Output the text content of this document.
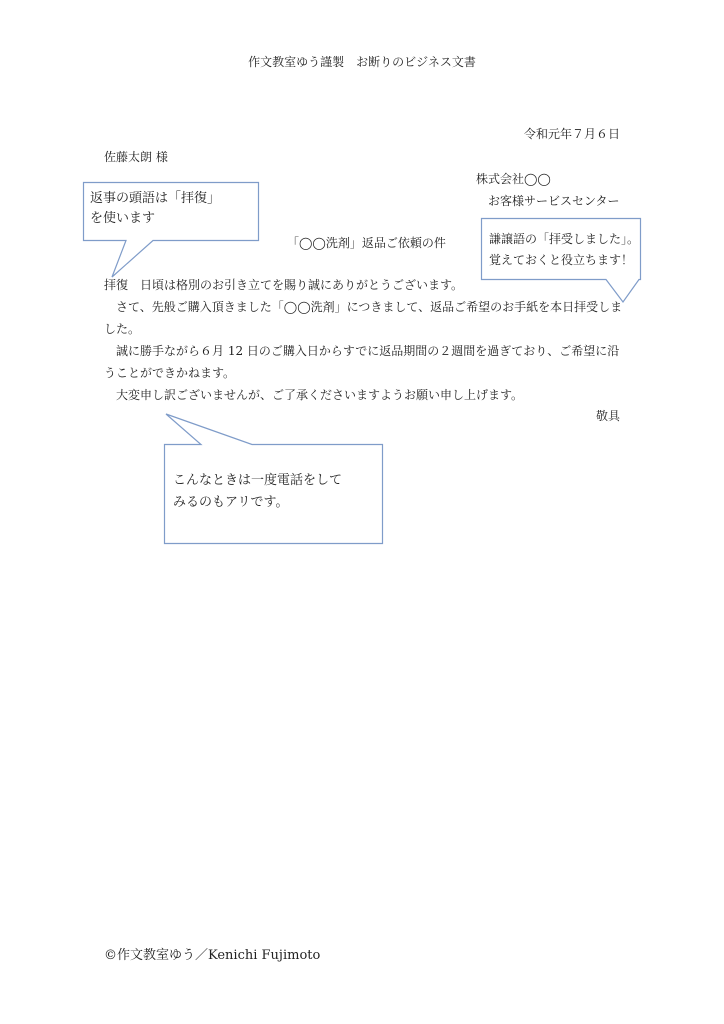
作文教室ゆう謹製　お断りのビジネス文書
令和元年７月６日
佐藤太朗 様
株式会社◯◯
お客様サービスセンター
「◯◯洗剤」返品ご依頼の件
拝復　日頃は格別のお引き立てを賜り誠にありがとうございます。
　さて、先般ご購入頂きました「◯◯洗剤」につきまして、返品ご希望のお手紙を本日拝受しました。
　誠に勝手ながら６月 12 日のご購入日からすでに返品期間の２週間を過ぎており、ご希望に沿うことができかねます。
　大変申し訳ございませんが、ご了承くださいますようお願い申し上げます。
敬具
返事の頭語は「拝復」
を使います
謙譲語の「拝受しました」。
覚えておくと役立ちます！
こんなときは一度電話をして
みるのもアリです。
©作文教室ゆう／Kenichi Fujimoto
